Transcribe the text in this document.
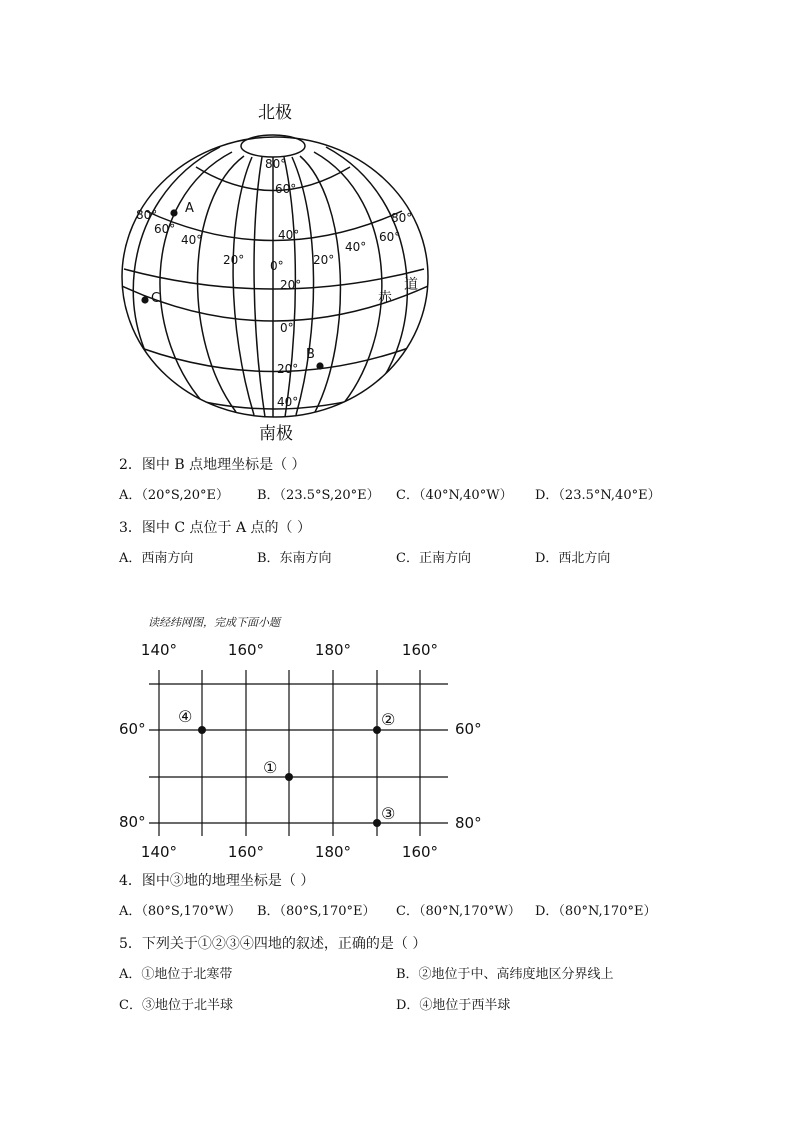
北极
南极
A
B
C
80°
60°
40°
20°
0°
20°
40°
80°
60°
40°
20° 0° 20°
40°
60°
80°
赤
道
2．图中 B 点地理坐标是（ ）
A．（20°S,20°E） B．（23.5°S,20°E） C．（40°N,40°W） D．（23.5°N,40°E）
3．图中 C 点位于 A 点的（ ）
A．西南方向	B．东南方向	C．正南方向	D．西北方向
读经纬网图，完成下面小题
①
②
③
④
140°	160°	180°	160°
140°	160°	180°	160°
60°
80°
60°
80°
4．图中③地的地理坐标是（ ）
A．（80°S,170°W） B．（80°S,170°E） C．（80°N,170°W） D．（80°N,170°E）
5．下列关于①②③④四地的叙述，正确的是（ ）
A．①地位于北寒带	B．②地位于中、高纬度地区分界线上
C．③地位于北半球	D．④地位于西半球
